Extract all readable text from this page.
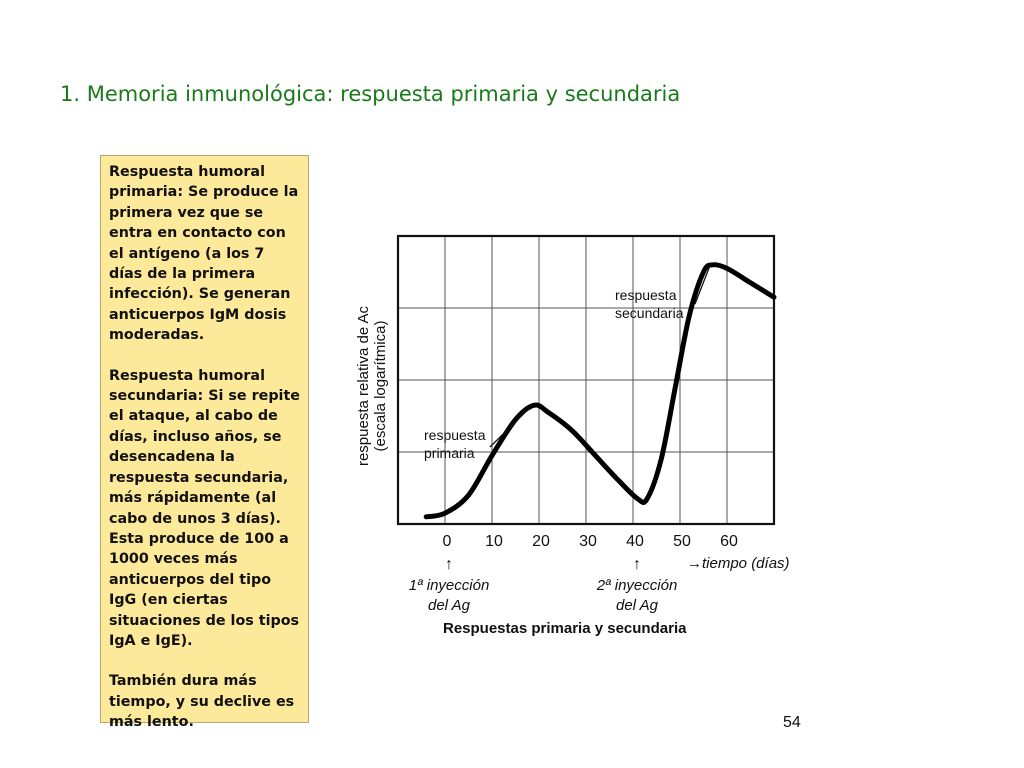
1. Memoria inmunológica: respuesta primaria y secundaria

Respuesta humoral primaria: Se produce la primera vez que se entra en contacto con el antígeno (a los 7 días de la primera infección). Se generan anticuerpos IgM dosis moderadas.

Respuesta humoral secundaria: Si se repite el ataque, al cabo de días, incluso años, se desencadena la respuesta secundaria, más rápidamente (al cabo de unos 3 días). Esta produce de 100 a 1000 veces más anticuerpos del tipo IgG (en ciertas situaciones de los tipos IgA e IgE).

También dura más tiempo, y su declive es más lento.

0 10 20 30 40 50 60
respuesta
primaria
respuesta
secundaria
↑
1ª inyección
del Ag
↑
2ª inyección
del Ag
respuesta relativa de Ac (escala logarítmica)
→tiempo (días)
Respuestas primaria y secundaria
54
